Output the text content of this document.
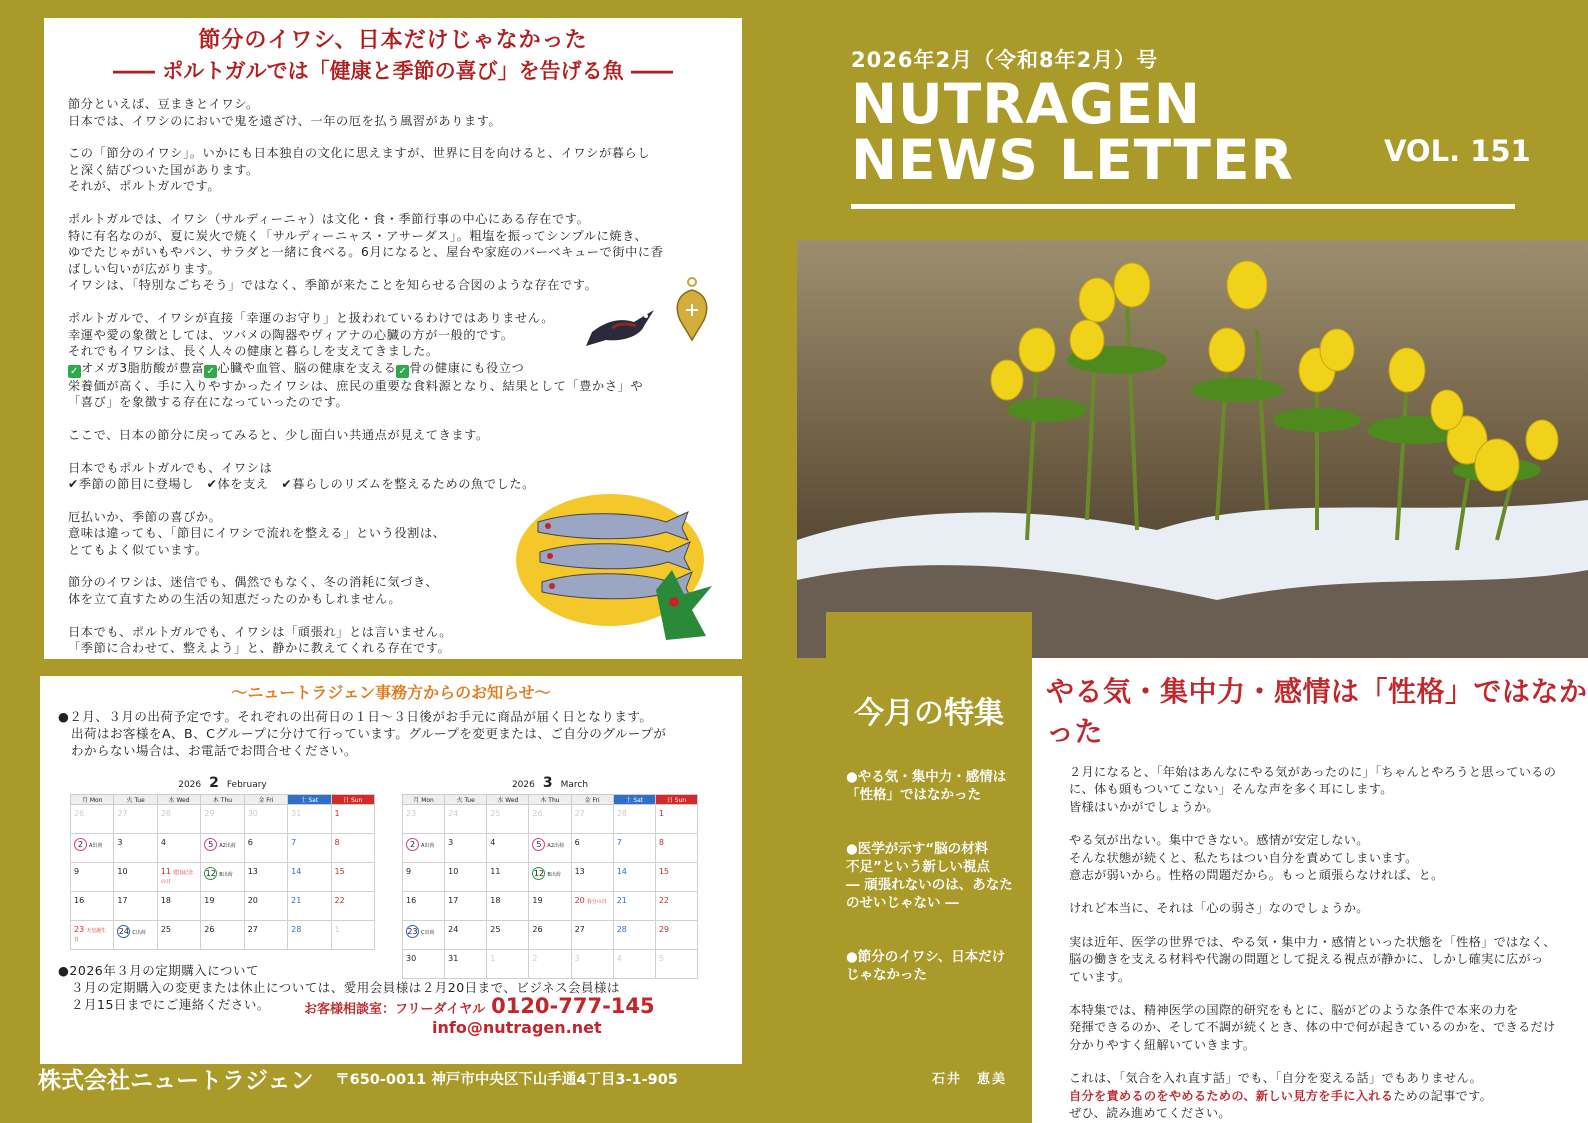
節分のイワシ、日本だけじゃなかった
―― ポルトガルでは「健康と季節の喜び」を告げる魚 ――

節分といえば、豆まきとイワシ。
日本では、イワシのにおいで鬼を遠ざけ、一年の厄を払う風習があります。

この「節分のイワシ」。いかにも日本独自の文化に思えますが、世界に目を向けると、イワシが暮らし
と深く結びついた国があります。
それが、ポルトガルです。

ポルトガルでは、イワシ（サルディーニャ）は文化・食・季節行事の中心にある存在です。
特に有名なのが、夏に炭火で焼く「サルディーニャス・アサーダス」。粗塩を振ってシンプルに焼き、
ゆでたじゃがいもやパン、サラダと一緒に食べる。6月になると、屋台や家庭のバーベキューで街中に香
ばしい匂いが広がります。
イワシは、「特別なごちそう」ではなく、季節が来たことを知らせる合図のような存在です。

ポルトガルで、イワシが直接「幸運のお守り」と扱われているわけではありません。
幸運や愛の象徴としては、ツバメの陶器やヴィアナの心臓の方が一般的です。
それでもイワシは、長く人々の健康と暮らしを支えてきました。

✓ オメガ3脂肪酸が豊富 ✓ 心臓や血管、脳の健康を支える ✓ 骨の健康にも役立つ

栄養価が高く、手に入りやすかったイワシは、庶民の重要な食料源となり、結果として「豊かさ」や
「喜び」を象徴する存在になっていったのです。

ここで、日本の節分に戻ってみると、少し面白い共通点が見えてきます。

日本でもポルトガルでも、イワシは

✔季節の節目に登場し　✔体を支え　✔暮らしのリズムを整えるための魚でした。

厄払いか、季節の喜びか。
意味は違っても、「節目にイワシで流れを整える」という役割は、
とてもよく似ています。

節分のイワシは、迷信でも、偶然でもなく、冬の消耗に気づき、
体を立て直すための生活の知恵だったのかもしれません。

日本でも、ポルトガルでも、イワシは「頑張れ」とは言いません。
「季節に合わせて、整えよう」と、静かに教えてくれる存在です。

～ニュートラジェン事務方からのお知らせ～

●２月、３月の出荷予定です。それぞれの出荷日の１日～３日後がお手元に商品が届く日となります。
　出荷はお客様をA、B、Cグループに分けて行っています。グループを変更または、ご自分のグループが
　わからない場合は、お電話でお問合せください。

2026 2 February
月 Mon	火 Tue	水 Wed	木 Thu	金 Fri	土 Sat	日 Sun
26	27	28	29	30	31	1
2 A出荷	3	4	5 A2出荷	6	7	8
9	10	11 建国記念の日	12 B出荷	13	14	15
16	17	18	19	20	21	22
23 天皇誕生日	24 C出荷	25	26	27	28	1
2026 3 March
月 Mon	火 Tue	水 Wed	木 Thu	金 Fri	土 Sat	日 Sun
23	24	25	26	27	28	1
2 A出荷	3	4	5 A2出荷	6	7	8
9	10	11	12 B出荷	13	14	15
16	17	18	19	20 春分の日	21	22
23 C出荷	24	25	26	27	28	29
30	31	1	2	3	4	5

●2026年３月の定期購入について
　３月の定期購入の変更または休止については、愛用会員様は２月20日まで、ビジネス会員様は
　２月15日までにご連絡ください。	お客様相談室：フリーダイヤル 0120-777-145
info@nutragen.net
株式会社ニュートラジェン 〒650-0011 神戸市中央区下山手通4丁目3-1-905
2026年2月（令和8年2月）号
NUTRAGEN
NEWS LETTER	VOL. 151
今月の特集
●やる気・集中力・感情は
「性格」ではなかった
●医学が示す“脳の材料
不足”という新しい視点
― 頑張れないのは、あなた
のせいじゃない ―
●節分のイワシ、日本だけ
じゃなかった
石井　恵美
やる気・集中力・感情は「性格」ではなかった

２月になると、「年始はあんなにやる気があったのに」「ちゃんとやろうと思っているの
に、体も頭もついてこない」そんな声を多く耳にします。
皆様はいかがでしょうか。

やる気が出ない。集中できない。感情が安定しない。
そんな状態が続くと、私たちはつい自分を責めてしまいます。
意志が弱いから。性格の問題だから。もっと頑張らなければ、と。

けれど本当に、それは「心の弱さ」なのでしょうか。

実は近年、医学の世界では、やる気・集中力・感情といった状態を「性格」ではなく、
脳の働きを支える材料や代謝の問題として捉える視点が静かに、しかし確実に広がっ
ています。

本特集では、精神医学の国際的研究をもとに、脳がどのような条件で本来の力を
発揮できるのか、そして不調が続くとき、体の中で何が起きているのかを、できるだけ
分かりやすく紐解いていきます。

これは、「気合を入れ直す話」でも、「自分を変える話」でもありません。

自分を責めるのをやめるための、新しい見方を手に入れるための記事です。

ぜひ、読み進めてください。
